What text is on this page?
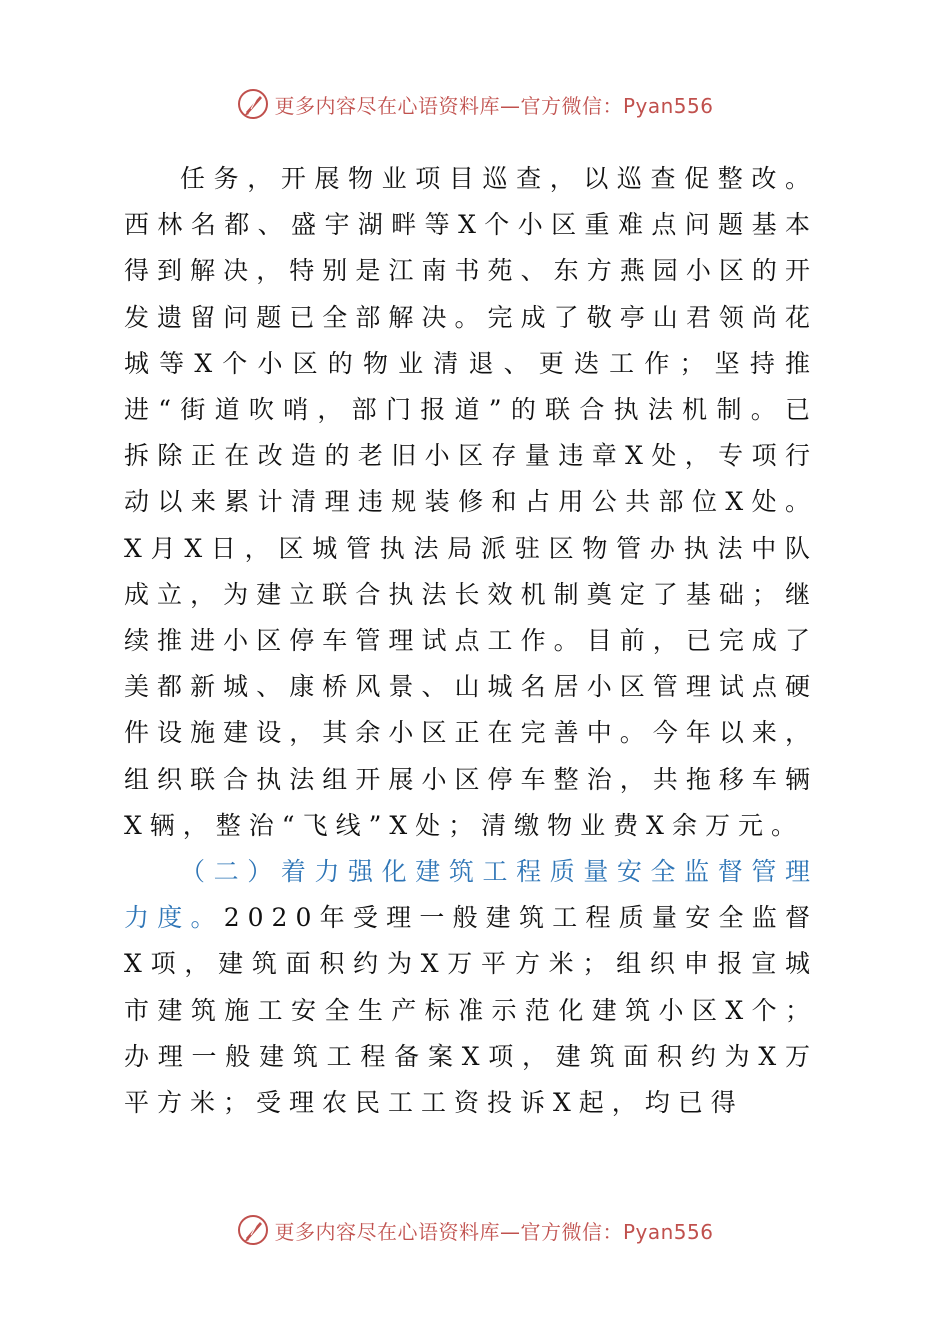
更多内容尽在心语资料库—官方微信：Pyan556

任务，开展物业项目巡查，以巡查促整改。西林名都、盛宇湖畔等X个小区重难点问题基本得到解决，特别是江南书苑、东方燕园小区的开发遗留问题已全部解决。完成了敬亭山君领尚花城等X个小区的物业清退、更迭工作；坚持推进“街道吹哨，部门报道”的联合执法机制。已拆除正在改造的老旧小区存量违章X处，专项行动以来累计清理违规装修和占用公共部位X处。X月X日，区城管执法局派驻区物管办执法中队成立，为建立联合执法长效机制奠定了基础；继续推进小区停车管理试点工作。目前，已完成了美都新城、康桥风景、山城名居小区管理试点硬件设施建设，其余小区正在完善中。今年以来，组织联合执法组开展小区停车整治，共拖移车辆X辆，整治“飞线”X处；清缴物业费X余万元。

（二）着力强化建筑工程质量安全监督管理力度。2020年受理一般建筑工程质量安全监督X项，建筑面积约为X万平方米；组织申报宣城市建筑施工安全生产标准示范化建筑小区X个；办理一般建筑工程备案X项，建筑面积约为X万平方米；受理农民工工资投诉X起，均已得

更多内容尽在心语资料库—官方微信：Pyan556
